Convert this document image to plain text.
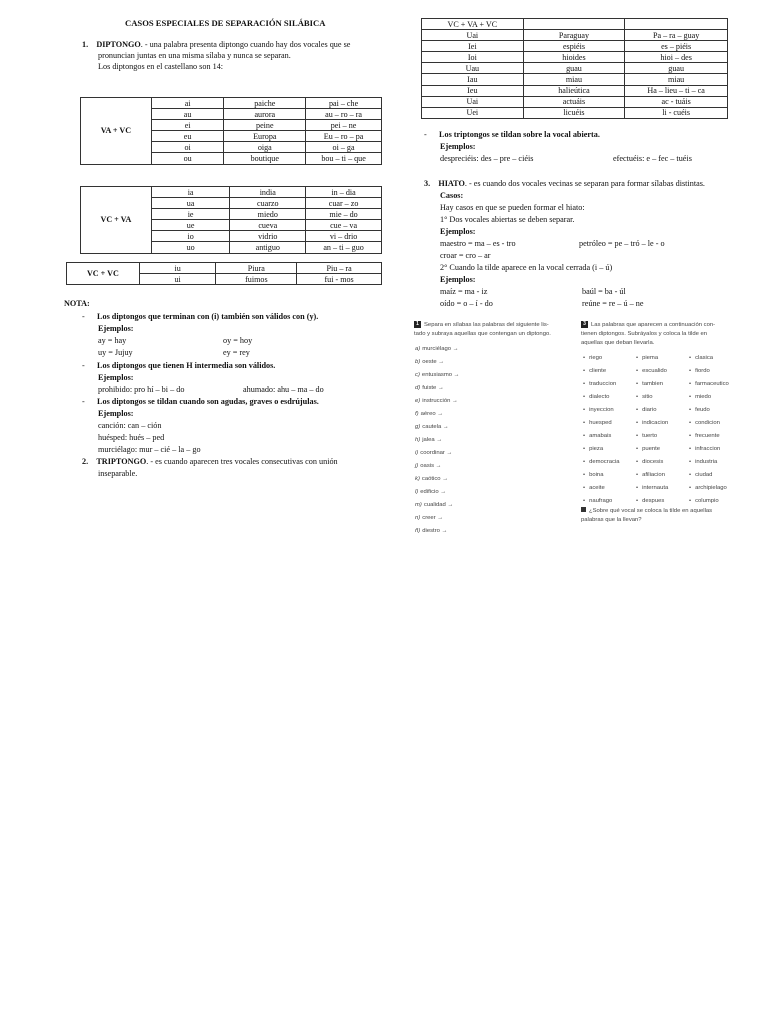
CASOS ESPECIALES DE SEPARACIÓN SILÁBICA
1. DIPTONGO. - una palabra presenta diptongo cuando hay dos vocales que se
pronuncian juntas en una misma sílaba y nunca se separan.
Los diptongos en el castellano son 14:
VA + VC	ai	paiche	pai – che
	au	aurora	au – ro – ra
	ei	peine	pei – ne
	eu	Europa	Eu – ro – pa
	oi	oiga	oi – ga
	ou	boutique	bou – ti – que
VC + VA	ia	india	in – dia
	ua	cuarzo	cuar – zo
	ie	miedo	mie – do
	ue	cueva	cue – va
	io	vidrio	vi – drio
	uo	antiguo	an – ti – guo
VC + VC	iu	Piura	Piu – ra
	ui	fuimos	fui - mos
NOTA:
-      Los diptongos que terminan con (i) también son válidos con (y).
Ejemplos:
ay = hay	oy = hoy
uy = Jujuy	ey = rey
-      Los diptongos que tienen H intermedia son válidos.
Ejemplos:
prohibido: pro hí – bi – do	ahumado: ahu – ma – do
-      Los diptongos se tildan cuando son agudas, graves o esdrújulas.
Ejemplos:
canción: can – ción
huésped: hués – ped
murciélago: mur – cié – la – go
2. TRIPTONGO. - es cuando aparecen tres vocales consecutivas con unión
inseparable.
VC + VA + VC		
Uai	Paraguay	Pa – ra – guay
Iei	espiéis	es – piéis
Ioi	hioides	hioi – des
Uau	guau	guau
Iau	miau	miau
Ieu	halieútica	Ha – lieu – ti – ca
Uai	actuáis	ac - tuáis
Uei	licuéis	li - cuéis
-      Los triptongos se tildan sobre la vocal abierta.
Ejemplos:
despreciéis: des – pre – ciéis	efectuéis: e – fec – tuéis
3. HIATO. - es cuando dos vocales vecinas se separan para formar sílabas distintas.
Casos:
Hay casos en que se pueden formar el hiato:
1° Dos vocales abiertas se deben separar.
Ejemplos:
maestro = ma – es - tro	petróleo = pe – tró – le - o
croar = cro – ar
2° Cuando la tilde aparece en la vocal cerrada (i – ú)
Ejemplos:
maíz = ma - iz	baúl = ba - úl
oído = o – í - do	reúne = re – ú – ne
1 Separa en sílabas las palabras del siguiente lis-
tado y subraya aquellas que contengan un diptongo.
a) murciélago →
b) oeste →
c) entusiasmo →
d) fuiste →
e) instrucción →
f) aéreo →
g) cautela →
h) jalea →
i) coordinar →
j) oasis →
k) caótico →
l) edificio →
m) cualidad →
n) creer →
ñ) diestro →
3 Las palabras que aparecen a continuación con-
tienen diptongos. Subráyalos y coloca la tilde en
aquellas que deban llevarla.
• riego
• cliente
• traduccion
• dialecto
• inyeccion
• huesped
• amabais
• pieza
• democracia
• boina
• aceite
• naufrago
• piema
• escualido
• tambien
• sitio
• diario
• indicacion
• tuerto
• puente
• diocesis
• afiliacion
• internauta
• despues
• clasica
• fiordo
• farmaceutico
• miedo
• feudo
• condicion
• frecuente
• infraccion
• industria
• ciudad
• archipielago
• columpio
¿Sobre qué vocal se coloca la tilde en aquellas
palabras que la llevan?
